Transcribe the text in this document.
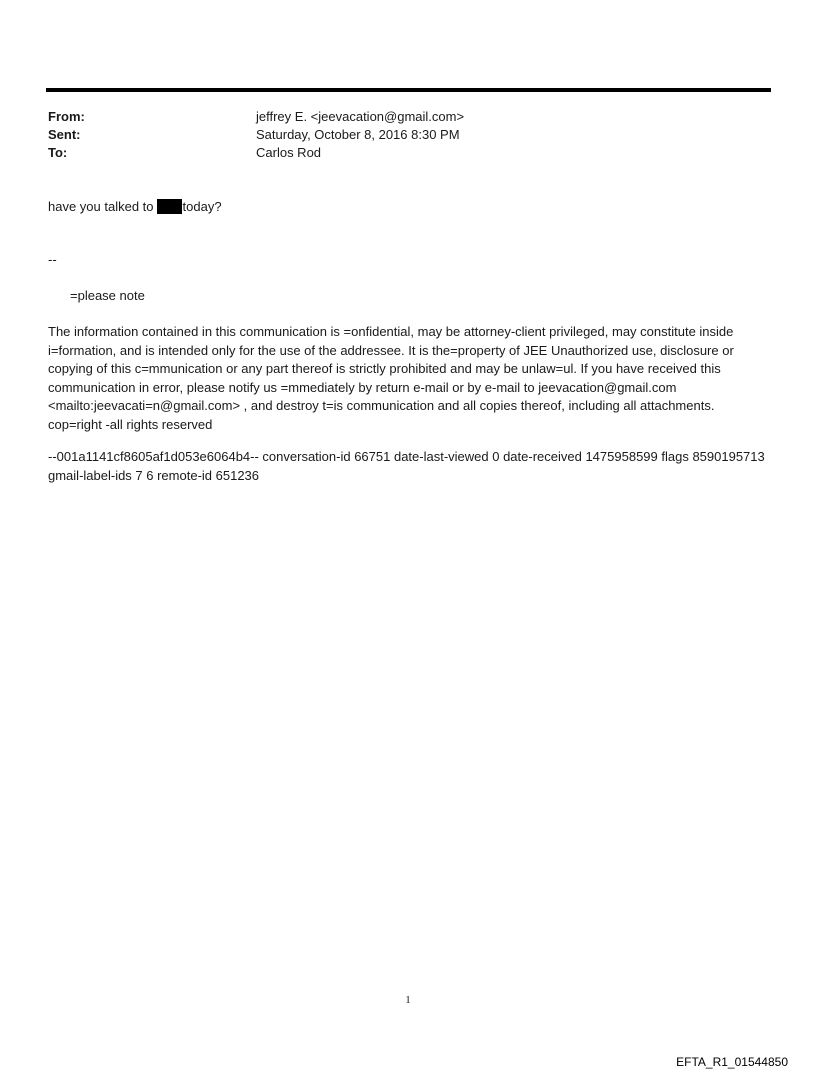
From:	jeffrey E. <jeevacation@gmail.com>
Sent:	Saturday, October 8, 2016 8:30 PM
To:	Carlos Rod
have you talked to today?
--
=please note
The information contained in this communication is =onfidential, may be attorney-client privileged, may constitute inside i=formation, and is intended only for the use of the addressee. It is the=property of JEE Unauthorized use, disclosure or copying of this c=mmunication or any part thereof is strictly prohibited and may be unlaw=ul. If you have received this communication in error, please notify us =mmediately by return e-mail or by e-mail to jeevacation@gmail.com <mailto:jeevacati=n@gmail.com> , and destroy t=is communication and all copies thereof, including all attachments. cop=right -all rights reserved
--001a1141cf8605af1d053e6064b4-- conversation-id 66751 date-last-viewed 0 date-received 1475958599 flags 8590195713 gmail-label-ids 7 6 remote-id 651236
1
EFTA_R1_01544850
